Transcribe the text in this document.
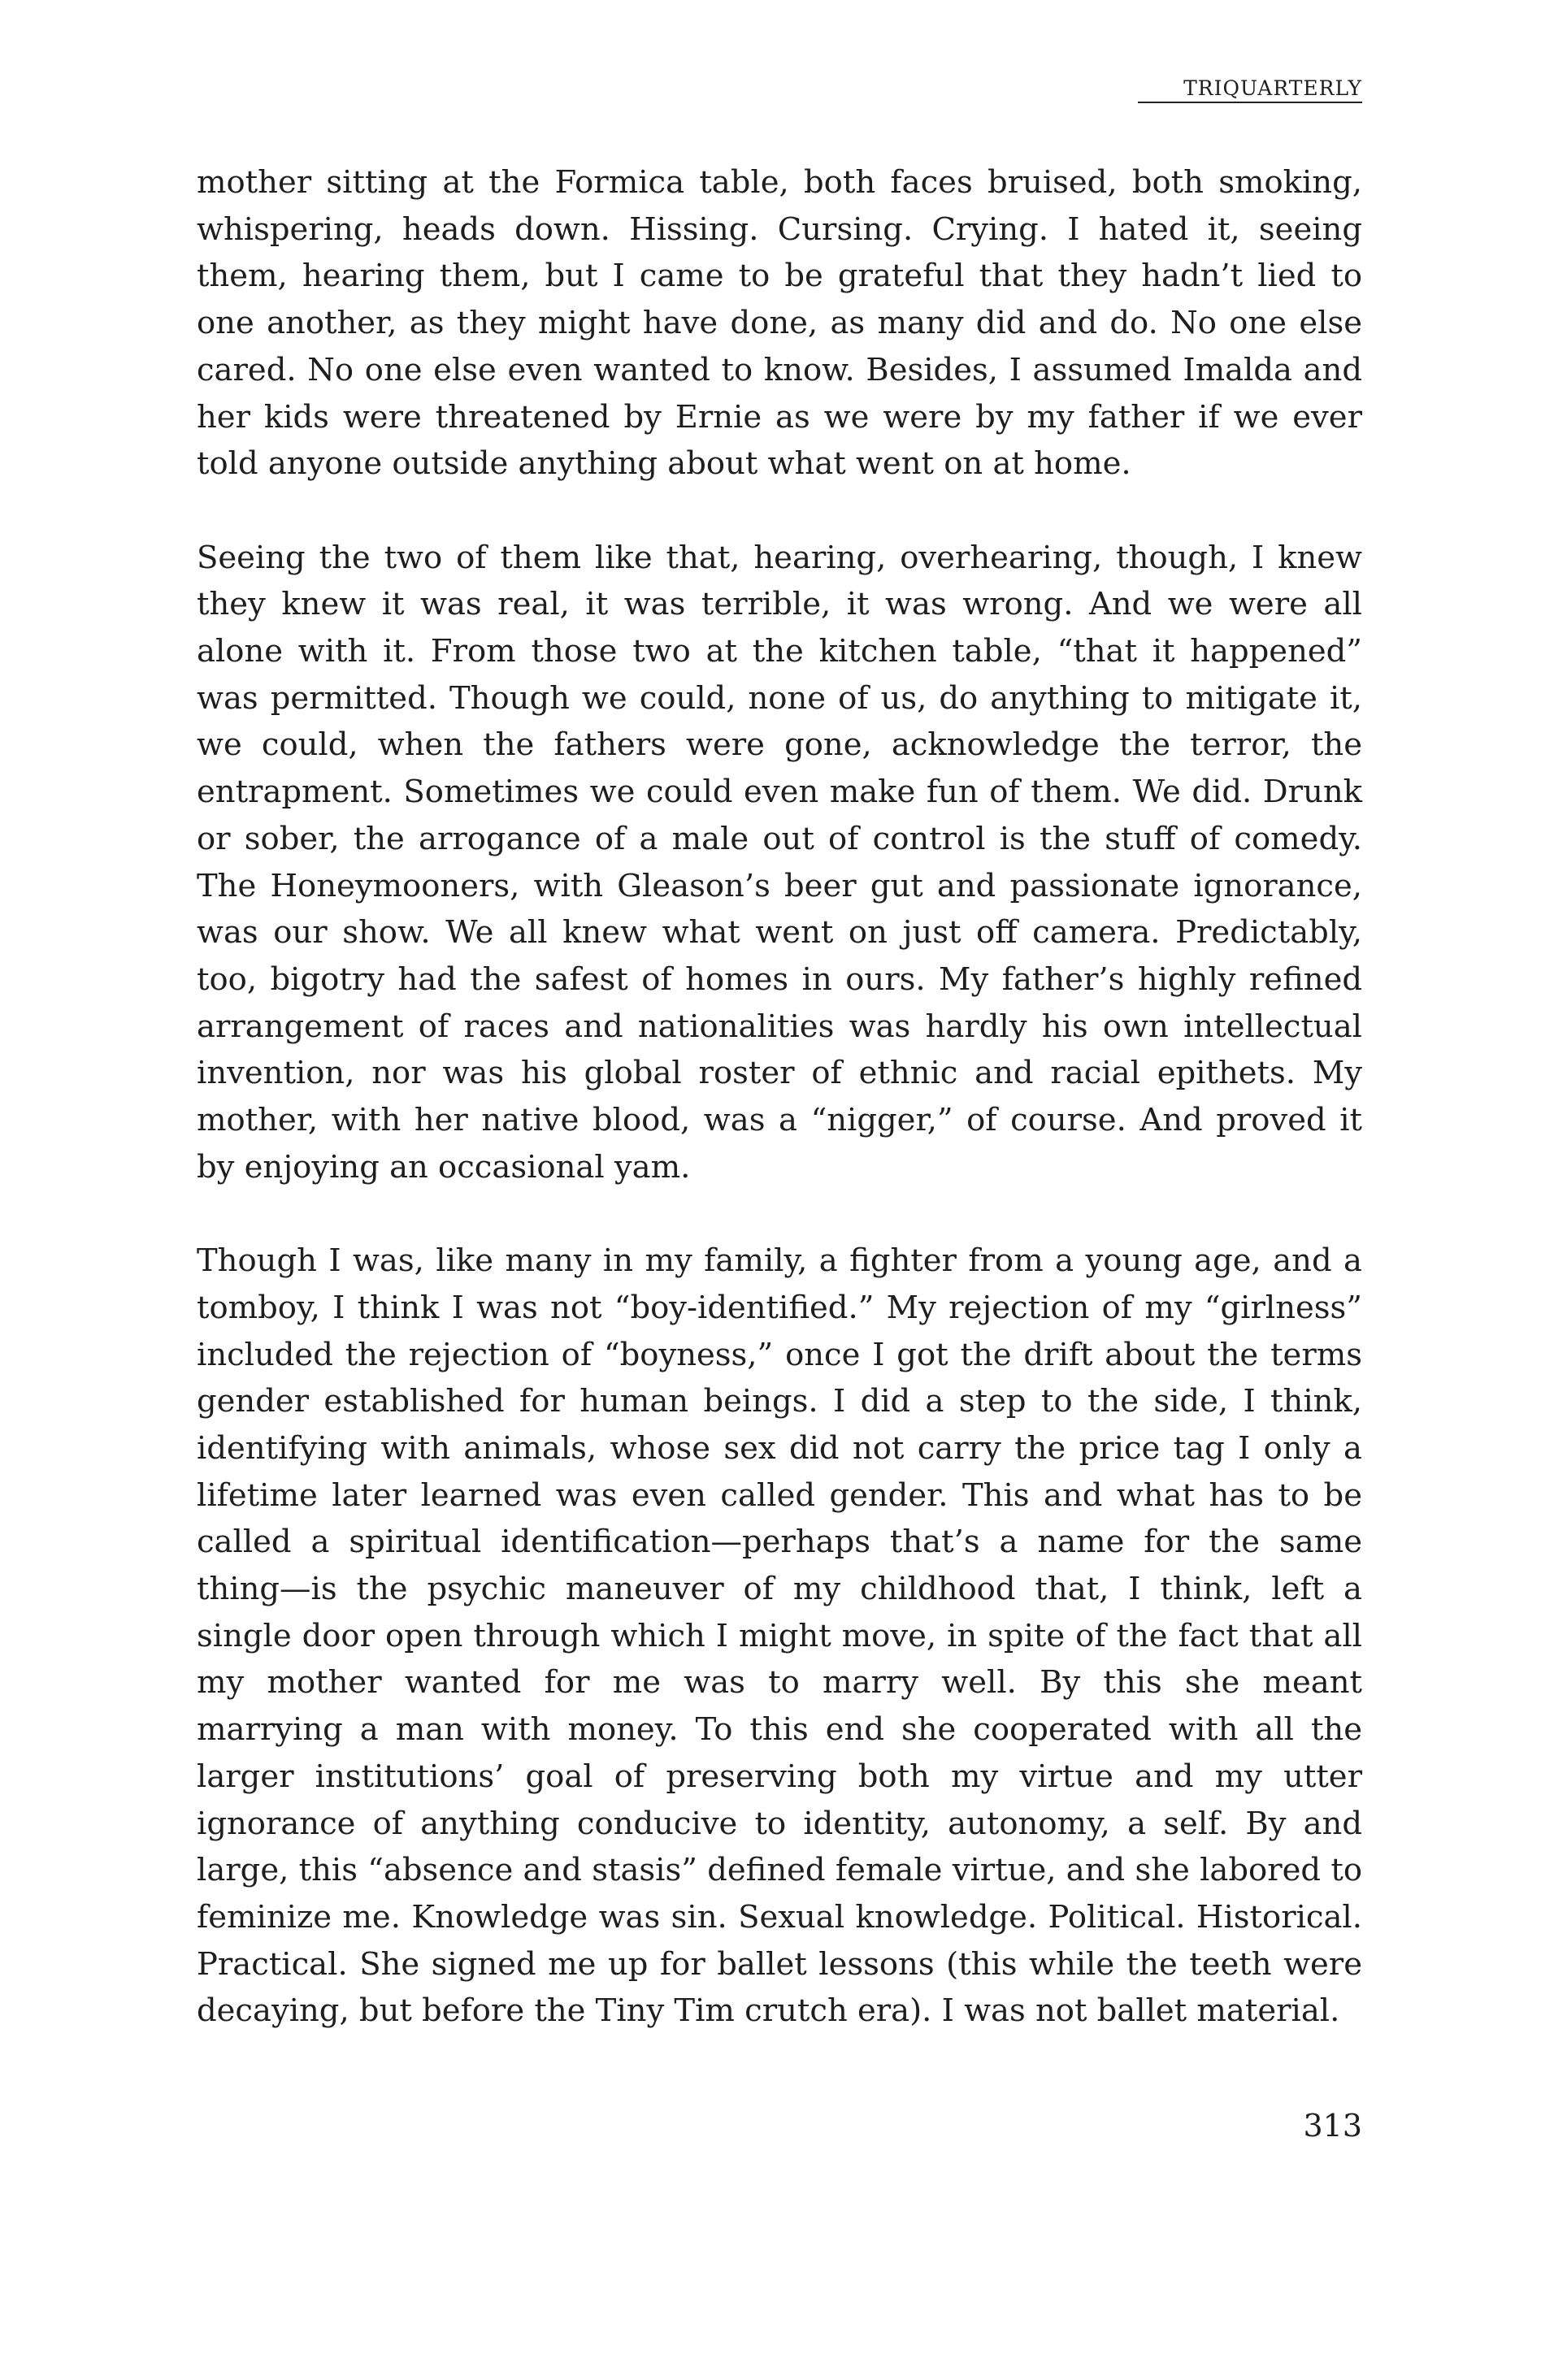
TRIQUARTERLY

mother sitting at the Formica table, both faces bruised, both smoking, whispering, heads down. Hissing. Cursing. Crying. I hated it, seeing them, hearing them, but I came to be grateful that they hadn’t lied to one another, as they might have done, as many did and do. No one else cared. No one else even wanted to know. Besides, I assumed Imalda and her kids were threatened by Ernie as we were by my father if we ever told anyone outside anything about what went on at home.

Seeing the two of them like that, hearing, overhearing, though, I knew they knew it was real, it was terrible, it was wrong. And we were all alone with it. From those two at the kitchen table, “that it happened” was permitted. Though we could, none of us, do anything to mitigate it, we could, when the fathers were gone, acknowledge the terror, the entrapment. Sometimes we could even make fun of them. We did. Drunk or sober, the arrogance of a male out of control is the stuff of comedy. The Honeymooners, with Gleason’s beer gut and passionate ignorance, was our show. We all knew what went on just off camera. Predictably, too, bigotry had the safest of homes in ours. My father’s highly refined arrangement of races and nationalities was hardly his own intellectual invention, nor was his global roster of ethnic and racial epithets. My mother, with her native blood, was a “nigger,” of course. And proved it by enjoying an occasional yam.

Though I was, like many in my family, a fighter from a young age, and a tomboy, I think I was not “boy-identified.” My rejection of my “girlness” included the rejection of “boyness,” once I got the drift about the terms gender established for human beings. I did a step to the side, I think, identifying with animals, whose sex did not carry the price tag I only a lifetime later learned was even called gender. This and what has to be called a spiritual identification—perhaps that’s a name for the same thing—is the psychic maneuver of my childhood that, I think, left a single door open through which I might move, in spite of the fact that all my mother wanted for me was to marry well. By this she meant marrying a man with money. To this end she cooperated with all the larger institutions’ goal of preserving both my virtue and my utter ignorance of anything conducive to identity, autonomy, a self. By and large, this “absence and stasis” defined female virtue, and she labored to feminize me. Knowledge was sin. Sexual knowledge. Political. Historical. Practical. She signed me up for ballet lessons (this while the teeth were decaying, but before the Tiny Tim crutch era). I was not ballet material.

313
